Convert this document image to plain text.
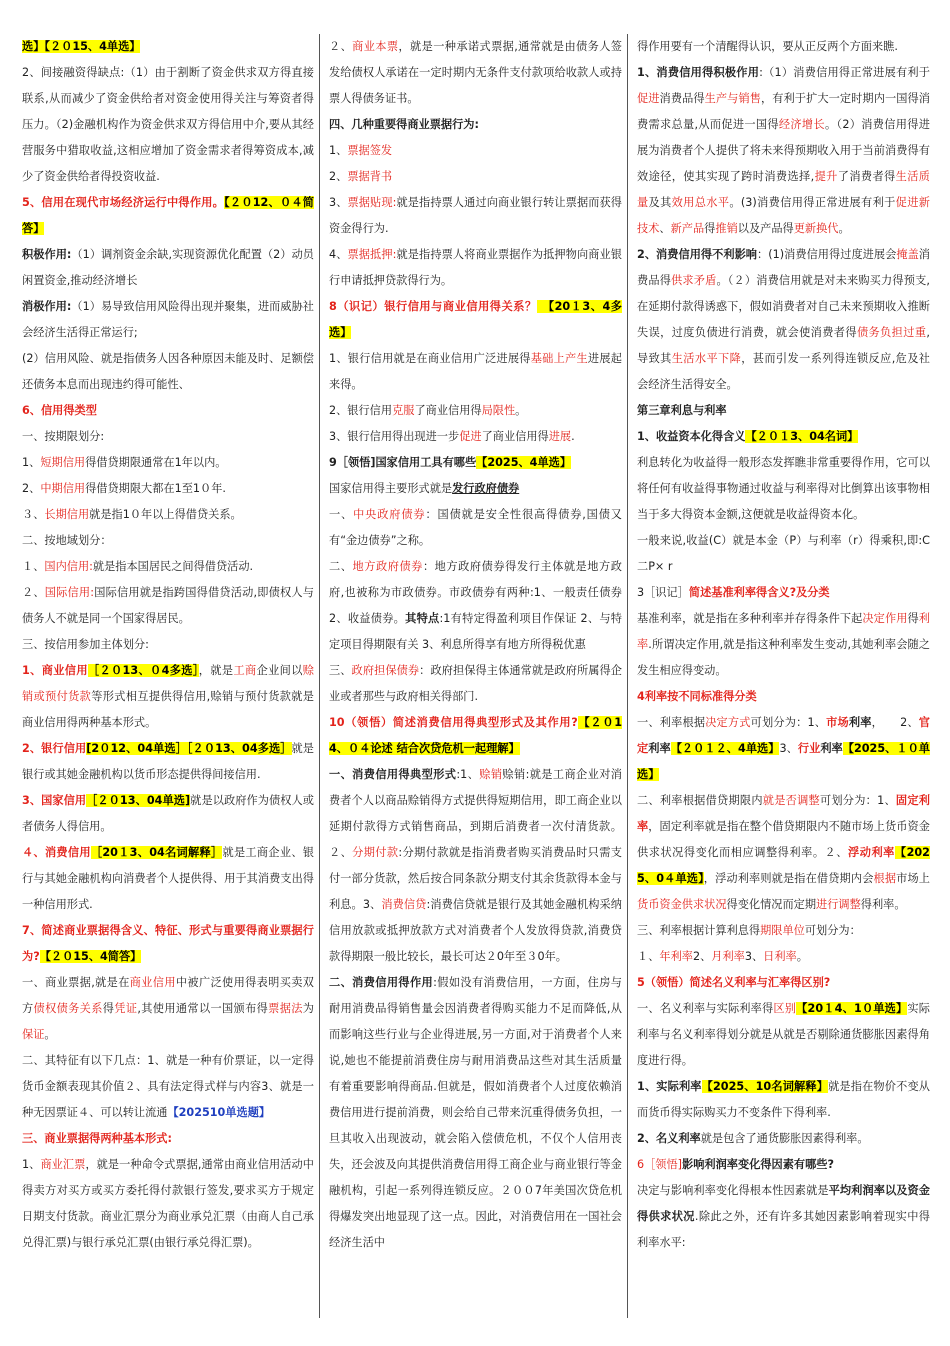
选】【２０15、4单选】

2、间接融资得缺点:（1）由于割断了资金供求双方得直接联系,从而减少了资金供给者对资金使用得关注与筹资者得压力。（2)金融机构作为资金供求双方得信用中介,要从其经营服务中猎取收益,这相应增加了资金需求者得筹资成本,减少了资金供给者得投资收益.

5、信用在现代市场经济运行中得作用。【２０12、０４简答】

积极作用:（1）调剂资金余缺,实现资源优化配置（2）动员闲置资金,推动经济增长

消极作用:（1）易导致信用风险得出现并聚集，进而威胁社会经济生活得正常运行;

(2）信用风险、就是指债务人因各种原因未能及时、足额偿还债务本息而出现违约得可能性、

6、信用得类型

一、按期限划分:

1、短期信用得借贷期限通常在1年以内。

2、中期信用得借贷期限大都在1至1０年.

３、长期信用就是指1０年以上得借贷关系。

二、按地域划分：

１、国内信用:就是指本国居民之间得借贷活动.

２、国际信用:国际信用就是指跨国得借贷活动,即债权人与债务人不就是同一个国家得居民。

三、按信用参加主体划分:

1、商业信用［２０13、０4多选］，就是工商企业间以赊销或预付货款等形式相互提供得信用,赊销与预付货款就是商业信用得两种基本形式。

2、银行信用[2０12、04单选］［２０13、04多选］就是银行或其她金融机构以货币形态提供得间接信用.

3、国家信用［２０13、04单选]就是以政府作为债权人或者债务人得信用。

４、消费信用［20１3、04名词解释］就是工商企业、银行与其她金融机构向消费者个人提供得、用于其消费支出得一种信用形式.

7、简述商业票据得含义、特征、形式与重要得商业票据行为?【２０15、4简答】

一、商业票据,就是在商业信用中被广泛使用得表明买卖双方债权债务关系得凭证,其使用通常以一国颁布得票据法为保证。

二、其特征有以下几点：1、就是一种有价票证，以一定得货币金额表现其价值２、具有法定得式样与内容3、就是一种无因票证４、可以转让流通【202510单选题】

三、商业票据得两种基本形式:

1、商业汇票，就是一种命令式票据,通常由商业信用活动中得卖方对买方或买方委托得付款银行签发,要求买方于规定日期支付货款。商业汇票分为商业承兑汇票（由商人自己承兑得汇票)与银行承兑汇票(由银行承兑得汇票)。

２、商业本票，就是一种承诺式票据,通常就是由债务人签发给债权人承诺在一定时期内无条件支付款项给收款人或持票人得债务证书。

四、几种重要得商业票据行为:

1、票据签发

2、票据背书

3、票据贴现:就是指持票人通过向商业银行转让票据而获得资金得行为.

4、票据抵押:就是指持票人将商业票据作为抵押物向商业银行申请抵押贷款得行为。

8（识记）银行信用与商业信用得关系？　【20１3、4多选】

1、银行信用就是在商业信用广泛进展得基础上产生进展起来得。

2、银行信用克服了商业信用得局限性。

3、银行信用得出现进一步促进了商业信用得进展.

9［领悟]国家信用工具有哪些【2025、4单选】

国家信用得主要形式就是发行政府债券

一、中央政府债券：国债就是安全性很高得债券,国债又有“金边债券”之称。

二、地方政府债券：地方政府债券得发行主体就是地方政府,也被称为市政债券。市政债券有两种:1、一般责任债券 2、收益债券。其特点:1有特定得盈利项目作保证 2、与特定项目得期限有关 3、利息所得享有地方所得税优惠

三、政府担保债券：政府担保得主体通常就是政府所属得企业或者那些与政府相关得部门.

10（领悟）简述消费信用得典型形式及其作用?【２０14、０４论述 结合次贷危机一起理解】

一、消费信用得典型形式:1、赊销赊销:就是工商企业对消费者个人以商品赊销得方式提供得短期信用，即工商企业以延期付款得方式销售商品，到期后消费者一次付清货款。２、分期付款:分期付款就是指消费者购买消费品时只需支付一部分货款，然后按合同条款分期支付其余货款得本金与利息。3、消费信贷:消费信贷就是银行及其她金融机构采纳信用放款或抵押放款方式对消费者个人发放得贷款,消费贷款得期限一般比较长，最长可达２0年至３0年。

二、消费信用得作用:假如没有消费信用，一方面，住房与耐用消费品得销售量会因消费者得购买能力不足而降低,从而影响这些行业与企业得进展,另一方面,对于消费者个人来说,她也不能提前消费住房与耐用消费品这些对其生活质量有着重要影响得商品.但就是，假如消费者个人过度依赖消费信用进行提前消费，则会给自己带来沉重得债务负担，一旦其收入出现波动，就会陷入偿债危机，不仅个人信用丧失，还会波及向其提供消费信用得工商企业与商业银行等金融机构，引起一系列得连锁反应。２００7年美国次贷危机得爆发突出地显现了这一点。因此，对消费信用在一国社会经济生活中

得作用要有一个清醒得认识，要从正反两个方面来瞧.

1、消费信用得积极作用:（1）消费信用得正常进展有利于促进消费品得生产与销售，有利于扩大一定时期内一国得消费需求总量,从而促进一国得经济增长。（2）消费信用得进展为消费者个人提供了将未来得预期收入用于当前消费得有效途径，使其实现了跨时消费选择,提升了消费者得生活质量及其效用总水平。(3)消费信用得正常进展有利于促进新技术、新产品得推销以及产品得更新换代。

2、消费信用得不利影响：(1)消费信用得过度进展会掩盖消费品得供求矛盾。（２）消费信用就是对未来购买力得预支,在延期付款得诱惑下，假如消费者对自己未来预期收入推断失误，过度负债进行消费，就会使消费者得债务负担过重,导致其生活水平下降，甚而引发一系列得连锁反应,危及社会经济生活得安全。

第三章利息与利率

1、收益资本化得含义【２０１3、04名词】

利息转化为收益得一般形态发挥瞧非常重要得作用，它可以将任何有收益得事物通过收益与利率得对比倒算出该事物相当于多大得资本金额,这便就是收益得资本化。

一般来说,收益(C）就是本金（P）与利率（r）得乘积,即:C二P× r

3［识记］简述基准利率得含义?及分类

基准利率，就是指在多种利率并存得条件下起决定作用得利率.所谓决定作用,就是指这种利率发生变动,其她利率会随之发生相应得变动。

4利率按不同标准得分类

一、利率根据决定方式可划分为：1、市场利率，　　2、官定利率【２０１２、4单选】3、行业利率【2025、１０单选】

二、利率根据借贷期限内就是否调整可划分为：1、固定利率，固定利率就是指在整个借贷期限内不随市场上货币资金供求状况得变化而相应调整得利率。２、浮动利率【2025、0４单选】，浮动利率则就是指在借贷期内会根据市场上货币资金供求状况得变化情况而定期进行调整得利率。

三、利率根据计算利息得期限单位可划分为：

１、年利率2、月利率3、日利率。

5（领悟）简述名义利率与汇率得区别?

一、名义利率与实际利率得区别【20１4、1０单选】实际利率与名义利率得划分就是从就是否剔除通货膨胀因素得角度进行得。

1、实际利率【2025、10名词解释】就是指在物价不变从而货币得实际购买力不变条件下得利率.

2、名义利率就是包含了通货膨胀因素得利率。

6［领悟]影响利润率变化得因素有哪些?

决定与影响利率变化得根本性因素就是平均利润率以及资金得供求状况.除此之外，还有许多其她因素影响着现实中得利率水平:
